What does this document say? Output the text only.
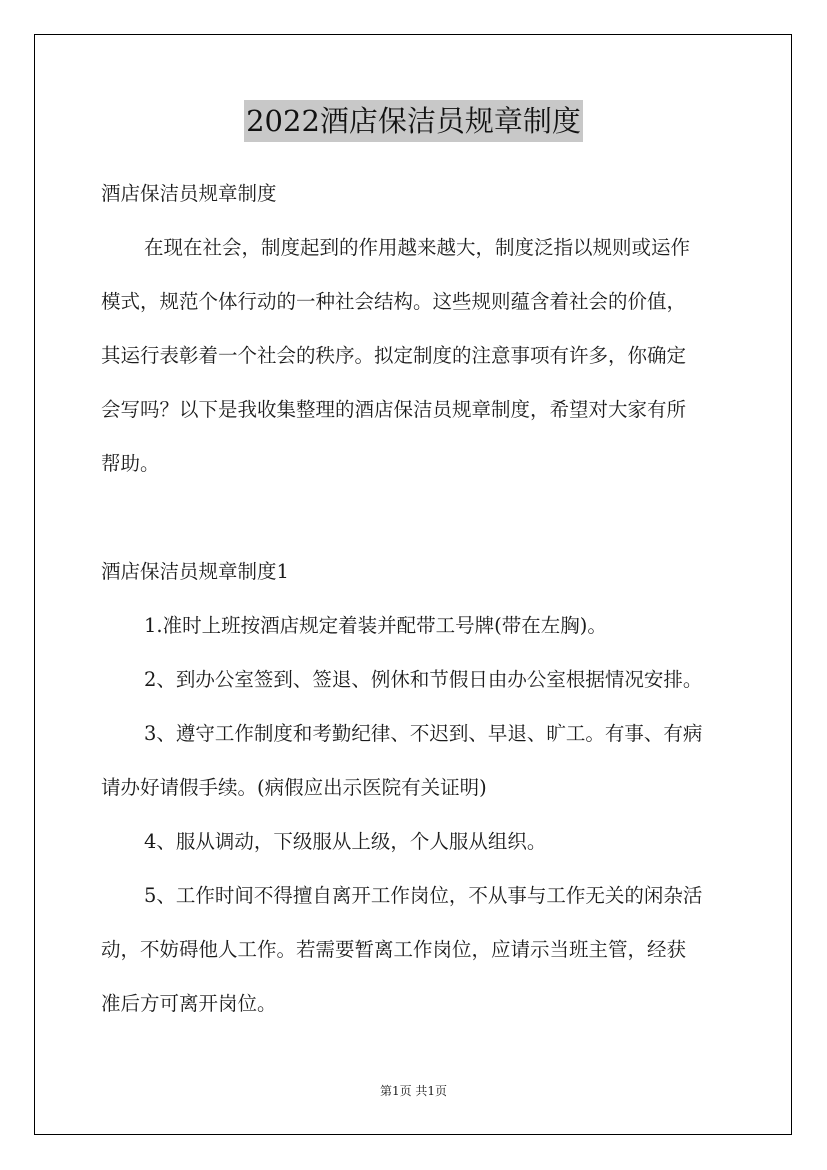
2022酒店保洁员规章制度
酒店保洁员规章制度
在现在社会，制度起到的作用越来越大，制度泛指以规则或运作
模式，规范个体行动的一种社会结构。这些规则蕴含着社会的价值，
其运行表彰着一个社会的秩序。拟定制度的注意事项有许多，你确定
会写吗？以下是我收集整理的酒店保洁员规章制度，希望对大家有所
帮助。
酒店保洁员规章制度1
1.准时上班按酒店规定着装并配带工号牌(带在左胸)。
2、到办公室签到、签退、例休和节假日由办公室根据情况安排。
3、遵守工作制度和考勤纪律、不迟到、早退、旷工。有事、有病
请办好请假手续。(病假应出示医院有关证明)
4、服从调动，下级服从上级，个人服从组织。
5、工作时间不得擅自离开工作岗位，不从事与工作无关的闲杂活
动，不妨碍他人工作。若需要暂离工作岗位，应请示当班主管，经获
准后方可离开岗位。
第1页 共1页
